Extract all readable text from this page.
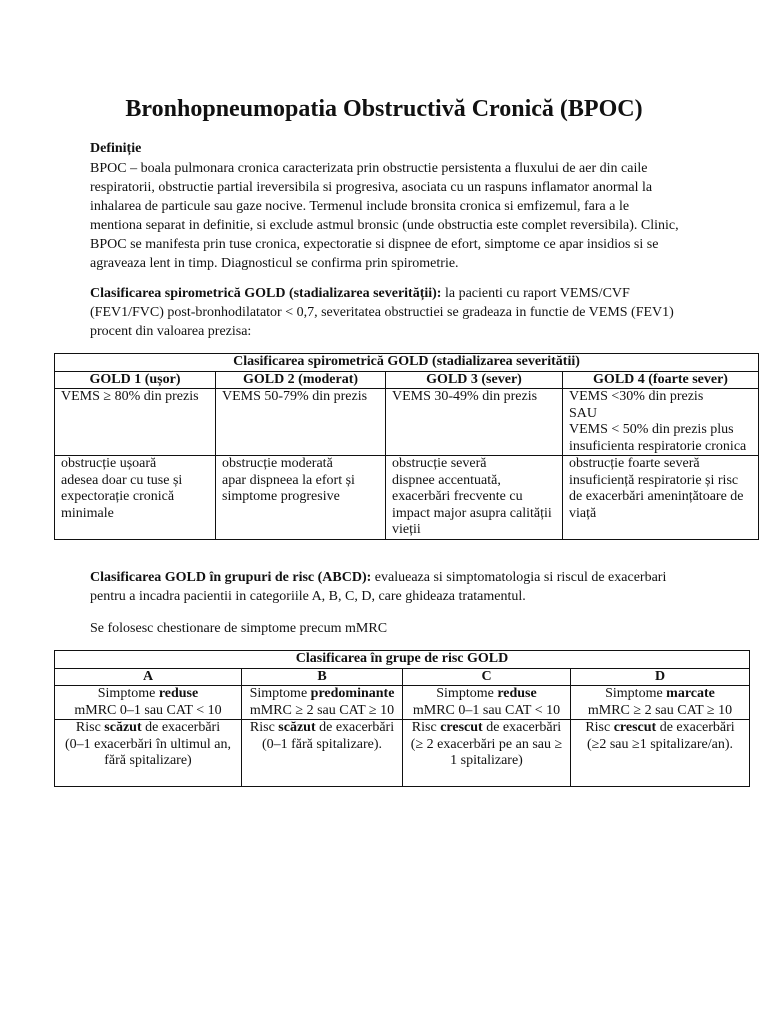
Bronhopneumopatia Obstructivă Cronică (BPOC)
Definiție
BPOC – boala pulmonara cronica caracterizata prin obstructie persistenta a fluxului de aer din caile respiratorii, obstructie partial ireversibila si progresiva, asociata cu un raspuns inflamator anormal la inhalarea de particule sau gaze nocive. Termenul include bronsita cronica si emfizemul, fara a le mentiona separat in definitie, si exclude astmul bronsic (unde obstructia este complet reversibila). Clinic, BPOC se manifesta prin tuse cronica, expectoratie si dispnee de efort, simptome ce apar insidios si se agraveaza lent in timp. Diagnosticul se confirma prin spirometrie.
Clasificarea spirometrică GOLD (stadializarea severității): la pacienti cu raport VEMS/CVF (FEV1/FVC) post-bronhodilatator < 0,7, severitatea obstructiei se gradeaza in functie de VEMS (FEV1) procent din valoarea prezisa:
Clasificarea spirometrică GOLD (stadializarea severitătii)			
GOLD 1 (ușor)	GOLD 2 (moderat)	GOLD 3 (sever)	GOLD 4 (foarte sever)

VEMS ≥ 80% din prezis	VEMS 50-79% din prezis	VEMS 30-49% din prezis	VEMS <30% din prezis
SAU
VEMS < 50% din prezis plus
insuficienta respiratorie cronica

obstrucție ușoară
adesea doar cu tuse și
expectorație cronică
minimale	obstrucție moderată
apar dispneea la efort și
simptome progresive	obstrucție severă
dispnee accentuată,
exacerbări frecvente cu
impact major asupra calității
vieții	obstrucție foarte severă
insuficiență respiratorie și risc
de exacerbări amenințătoare de
viață
Clasificarea GOLD în grupuri de risc (ABCD): evalueaza si simptomatologia si riscul de exacerbari pentru a incadra pacientii in categoriile A, B, C, D, care ghideaza tratamentul.
Se folosesc chestionare de simptome precum mMRC
Clasificarea în grupe de risc GOLD			
A	B	C	D

Simptome reduse
mMRC 0–1 sau CAT < 10	Simptome predominante
mMRC ≥ 2 sau CAT ≥ 10	Simptome reduse
mMRC 0–1 sau CAT < 10	Simptome marcate
mMRC ≥ 2 sau CAT ≥ 10

Risc scăzut de exacerbări
(0–1 exacerbări în ultimul an,
fără spitalizare)	Risc scăzut de exacerbări
(0–1 fără spitalizare).	Risc crescut de exacerbări
(≥ 2 exacerbări pe an sau ≥
1 spitalizare)	Risc crescut de exacerbări
(≥2 sau ≥1 spitalizare/an).
